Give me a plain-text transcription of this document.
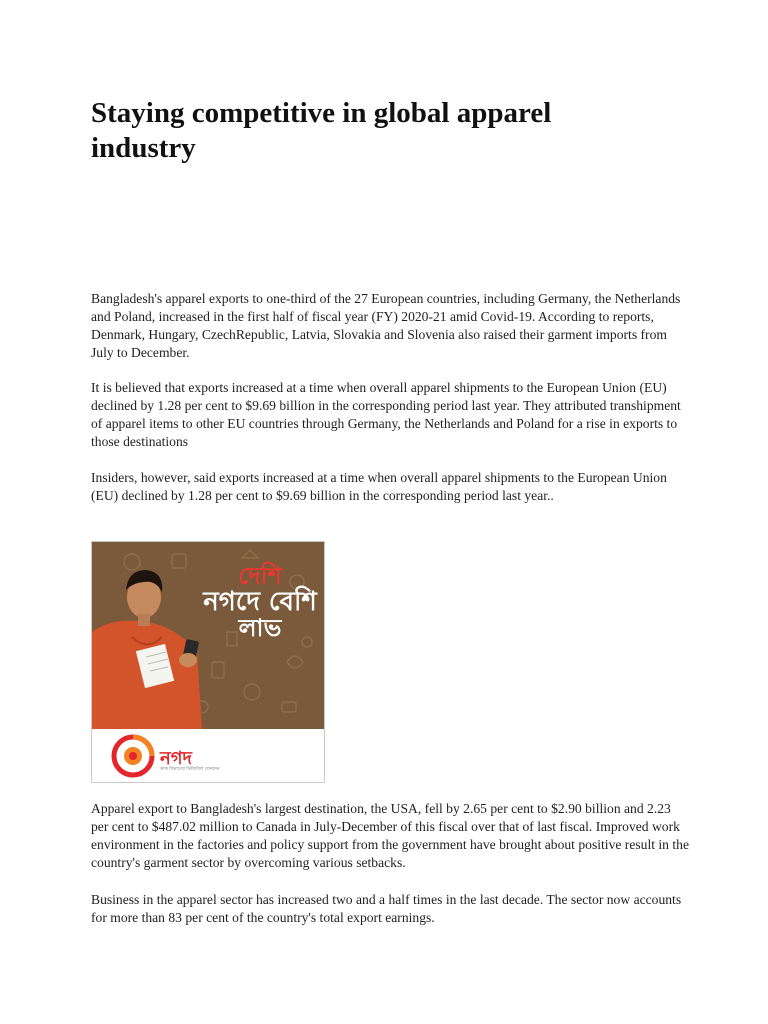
Staying competitive in global apparel industry

Bangladesh's apparel exports to one-third of the 27 European countries, including Germany, the Netherlands and Poland, increased in the first half of fiscal year (FY) 2020-21 amid Covid-19. According to reports, Denmark, Hungary, CzechRepublic, Latvia, Slovakia and Slovenia also raised their garment imports from July to December.

It is believed that exports increased at a time when overall apparel shipments to the European Union (EU) declined by 1.28 per cent to $9.69 billion in the corresponding period last year. They attributed transhipment of apparel items to other EU countries through Germany, the Netherlands and Poland for a rise in exports to those destinations

Insiders, however, said exports increased at a time when overall apparel shipments to the European Union (EU) declined by 1.28 per cent to $9.69 billion in the corresponding period last year..

দেশি
নগদে বেশি
লাভ
নগদ
ডাক বিভাগের ডিজিটাল লেনদেন

Apparel export to Bangladesh's largest destination, the USA, fell by 2.65 per cent to $2.90 billion and 2.23 per cent to $487.02 million to Canada in July-December of this fiscal over that of last fiscal. Improved work environment in the factories and policy support from the government have brought about positive result in the country's garment sector by overcoming various setbacks.

Business in the apparel sector has increased two and a half times in the last decade. The sector now accounts for more than 83 per cent of the country's total export earnings.
